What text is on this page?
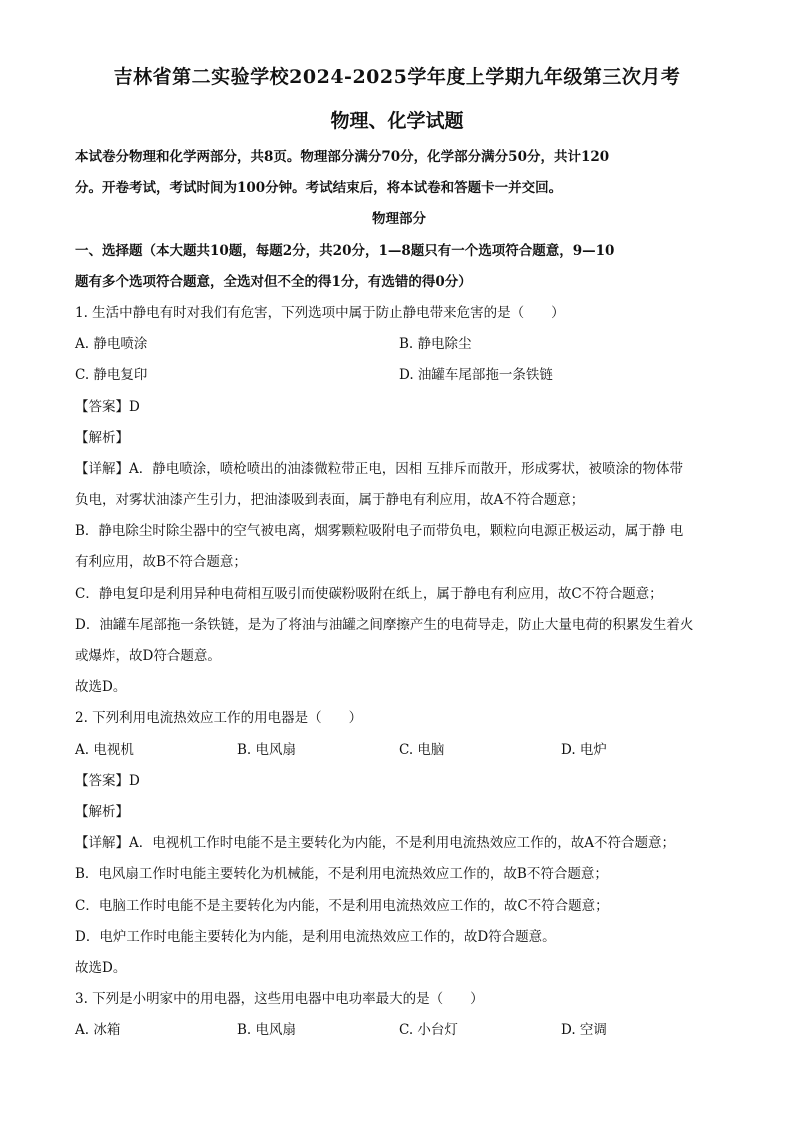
吉林省第二实验学校2024-2025学年度上学期九年级第三次月考
物理、化学试题
本试卷分物理和化学两部分，共8页。物理部分满分70分，化学部分满分50分，共计120
分。开卷考试，考试时间为100分钟。考试结束后，将本试卷和答题卡一并交回。
物理部分
一、选择题（本大题共10题，每题2分，共20分，1—8题只有一个选项符合题意，9—10
题有多个选项符合题意，全选对但不全的得1分，有选错的得0分）
1. 生活中静电有时对我们有危害，下列选项中属于防止静电带来危害的是（　　）
A. 静电喷涂	B. 静电除尘
C. 静电复印	D. 油罐车尾部拖一条铁链
【答案】D
【解析】
【详解】A．静电喷涂，喷枪喷出的油漆微粒带正电，因相 互排斥而散开，形成雾状，被喷涂的物体带
负电，对雾状油漆产生引力，把油漆吸到表面，属于静电有利应用，故A不符合题意；
B．静电除尘时除尘器中的空气被电离，烟雾颗粒吸附电子而带负电，颗粒向电源正极运动，属于静 电
有利应用，故B不符合题意；
C．静电复印是利用异种电荷相互吸引而使碳粉吸附在纸上，属于静电有利应用，故C不符合题意；
D．油罐车尾部拖一条铁链，是为了将油与油罐之间摩擦产生的电荷导走，防止大量电荷的积累发生着火
或爆炸，故D符合题意。
故选D。
2. 下列利用电流热效应工作的用电器是（　　）
A. 电视机	B. 电风扇	C. 电脑	D. 电炉
【答案】D
【解析】
【详解】A．电视机工作时电能不是主要转化为内能，不是利用电流热效应工作的，故A不符合题意；
B．电风扇工作时电能主要转化为机械能，不是利用电流热效应工作的，故B不符合题意；
C．电脑工作时电能不是主要转化为内能，不是利用电流热效应工作的，故C不符合题意；
D．电炉工作时电能主要转化为内能，是利用电流热效应工作的，故D符合题意。
故选D。
3. 下列是小明家中的用电器，这些用电器中电功率最大的是（　　）
A. 冰箱	B. 电风扇	C. 小台灯	D. 空调
